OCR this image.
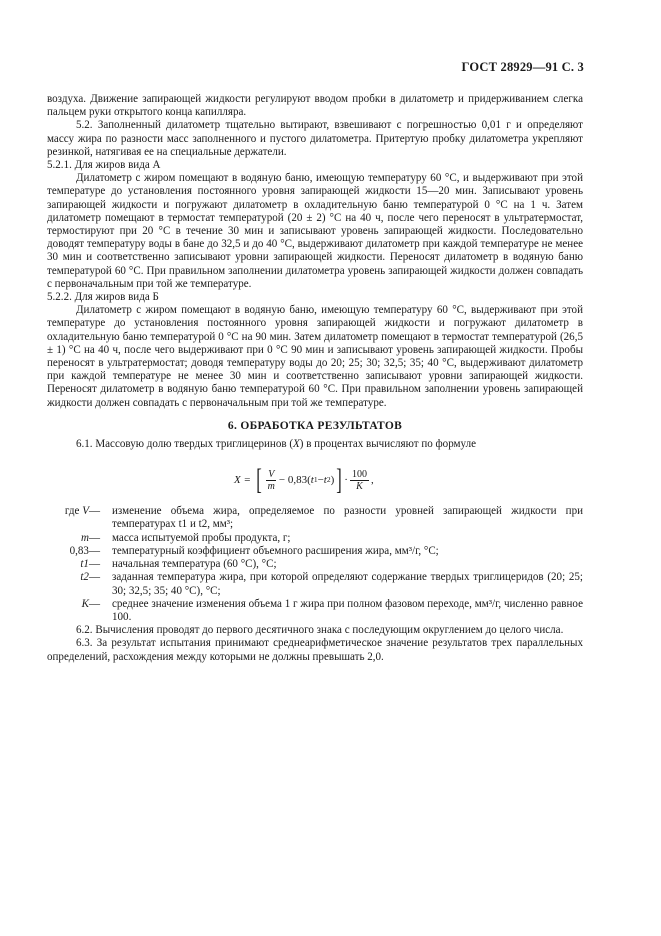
ГОСТ 28929—91 С. 3

воздуха. Движение запирающей жидкости регулируют вводом пробки в дилатометр и придерживанием слегка пальцем руки открытого конца капилляра.

5.2. Заполненный дилатометр тщательно вытирают, взвешивают с погрешностью 0,01 г и определяют массу жира по разности масс заполненного и пустого дилатометра. Притертую пробку дилатометра укрепляют резинкой, натягивая ее на специальные держатели.

5.2.1. Для жиров вида А

Дилатометр с жиром помещают в водяную баню, имеющую температуру 60 °С, и выдерживают при этой температуре до установления постоянного уровня запирающей жидкости 15—20 мин. Записывают уровень запирающей жидкости и погружают дилатометр в охладительную баню температурой 0 °С на 1 ч. Затем дилатометр помещают в термостат температурой (20 ± 2) °С на 40 ч, после чего переносят в ультратермостат, термостируют при 20 °С в течение 30 мин и записывают уровень запирающей жидкости. Последовательно доводят температуру воды в бане до 32,5 и до 40 °С, выдерживают дилатометр при каждой температуре не менее 30 мин и соответственно записывают уровни запирающей жидкости. Переносят дилатометр в водяную баню температурой 60 °С. При правильном заполнении дилатометра уровень запирающей жидкости должен совпадать с первоначальным при той же температуре.

5.2.2. Для жиров вида Б

Дилатометр с жиром помещают в водяную баню, имеющую температуру 60 °С, выдерживают при этой температуре до установления постоянного уровня запирающей жидкости и погружают дилатометр в охладительную баню температурой 0 °С на 90 мин. Затем дилатометр помещают в термостат температурой (26,5 ± 1) °С на 40 ч, после чего выдерживают при 0 °С 90 мин и записывают уровень запирающей жидкости. Пробы переносят в ультратермостат; доводя температуру воды до 20; 25; 30; 32,5; 35; 40 °С, выдерживают дилатометр при каждой температуре не менее 30 мин и соответственно записывают уровни запирающей жидкости. Переносят дилатометр в водяную баню температурой 60 °С. При правильном заполнении уровень запирающей жидкости должен совпадать с первоначальным при той же температуре.

6. ОБРАБОТКА РЕЗУЛЬТАТОВ

6.1. Массовую долю твердых триглицеринов (X) в процентах вычисляют по формуле

X =
[ $\frac{V}{m} - 0,83$( t 1 − t 2 ) ] · $\frac{100}{K}$ ,
где V—	изменение объема жира, определяемое по разности уровней запирающей жидкости при температурах t1 и t2, мм³;
m—	масса испытуемой пробы продукта, г;
0,83—	температурный коэффициент объемного расширения жира, мм³/г, °С;
t1—	начальная температура (60 °С), °С;
t2—	заданная температура жира, при которой определяют содержание твердых триглицеридов (20; 25; 30; 32,5; 35; 40 °С), °С;
K—	среднее значение изменения объема 1 г жира при полном фазовом переходе, мм³/г, численно равное 100.

6.2. Вычисления проводят до первого десятичного знака с последующим округлением до целого числа.

6.3. За результат испытания принимают среднеарифметическое значение результатов трех параллельных определений, расхождения между которыми не должны превышать 2,0.
